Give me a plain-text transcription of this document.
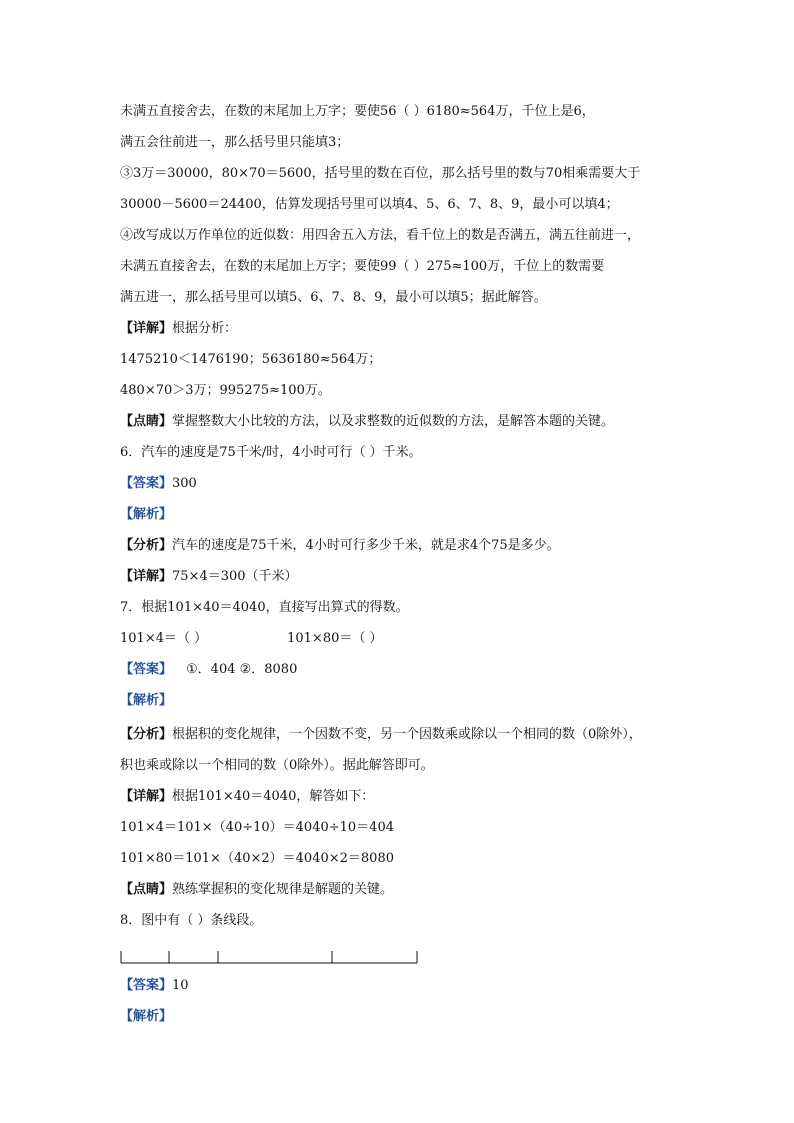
未满五直接舍去，在数的末尾加上万字；要使56（ ）6180≈564万，千位上是6，
满五会往前进一，那么括号里只能填3；
③3万＝30000，80×70＝5600，括号里的数在百位，那么括号里的数与70相乘需要大于
30000－5600＝24400，估算发现括号里可以填4、5、6、7、8、9，最小可以填4；
④改写成以万作单位的近似数：用四舍五入方法，看千位上的数是否满五，满五往前进一，
未满五直接舍去，在数的末尾加上万字；要使99（ ）275≈100万，千位上的数需要
满五进一，那么括号里可以填5、6、7、8、9，最小可以填5；据此解答。
【详解】根据分析：
1475210＜1476190；5636180≈564万；
480×70＞3万；995275≈100万。
【点睛】掌握整数大小比较的方法，以及求整数的近似数的方法，是解答本题的关键。
6．汽车的速度是75千米/时，4小时可行（ ）千米。
【答案】300
【解析】
【分析】汽车的速度是75千米，4小时可行多少千米，就是求4个75是多少。
【详解】75×4＝300（千米）
7．根据101×40＝4040，直接写出算式的得数。
101×4＝（ ）	101×80＝（ ）
【答案】 ①．404 ②．8080
【解析】
【分析】根据积的变化规律，一个因数不变，另一个因数乘或除以一个相同的数（0除外），
积也乘或除以一个相同的数（0除外）。据此解答即可。
【详解】根据101×40＝4040，解答如下：
101×4＝101×（40÷10）＝4040÷10＝404
101×80＝101×（40×2）＝4040×2＝8080
【点睛】熟练掌握积的变化规律是解题的关键。
8．图中有（ ）条线段。
【答案】10
【解析】
